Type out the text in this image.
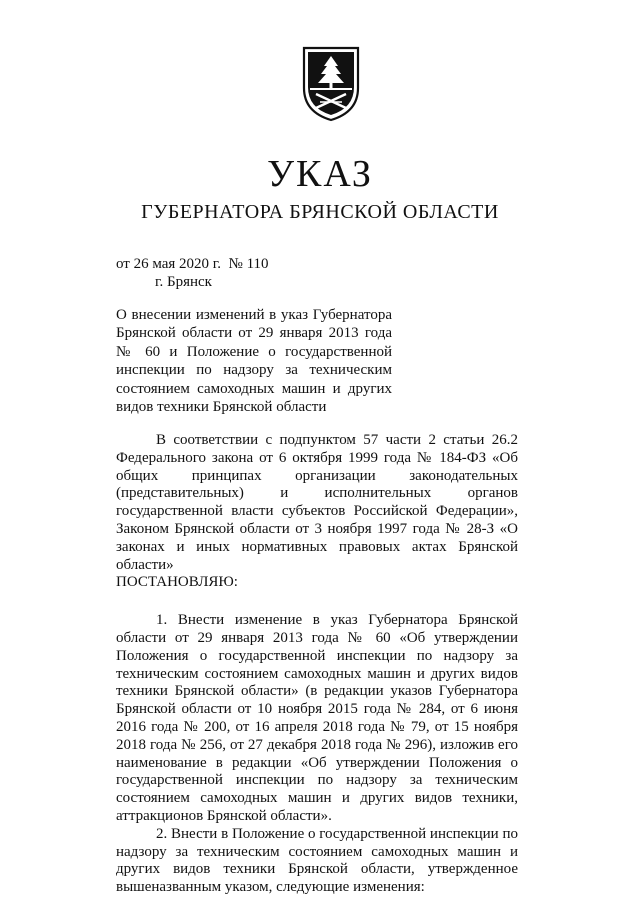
УКАЗ
ГУБЕРНАТОРА БРЯНСКОЙ ОБЛАСТИ
от 26 мая 2020 г.  № 110
г. Брянск

О внесении изменений в указ Губернатора Брянской области от 29 января 2013 года № 60 и Положение о государственной инспекции по надзору за техническим состоянием самоходных машин и других видов техники Брянской области

В соответствии с подпунктом 57 части 2 статьи 26.2 Федерального закона от 6 октября 1999 года № 184-ФЗ «Об общих принципах организации законодательных (представительных) и исполнительных органов государственной власти субъектов Российской Федерации», Законом Брянской области от 3 ноября 1997 года № 28-З «О законах и иных нормативных правовых актах Брянской области»

ПОСТАНОВЛЯЮ:

1. Внести изменение в указ Губернатора Брянской области от 29 января 2013 года № 60 «Об утверждении Положения о государственной инспекции по надзору за техническим состоянием самоходных машин и других видов техники Брянской области» (в редакции указов Губернатора Брянской области от 10 ноября 2015 года № 284, от 6 июня 2016 года № 200, от 16 апреля 2018 года № 79, от 15 ноября 2018 года № 256, от 27 декабря 2018 года № 296), изложив его наименование в редакции «Об утверждении Положения о государственной инспекции по надзору за техническим состоянием самоходных машин и других видов техники, аттракционов Брянской области».

2. Внести в Положение о государственной инспекции по надзору за техническим состоянием самоходных машин и других видов техники Брянской области, утвержденное вышеназванным указом, следующие изменения:
